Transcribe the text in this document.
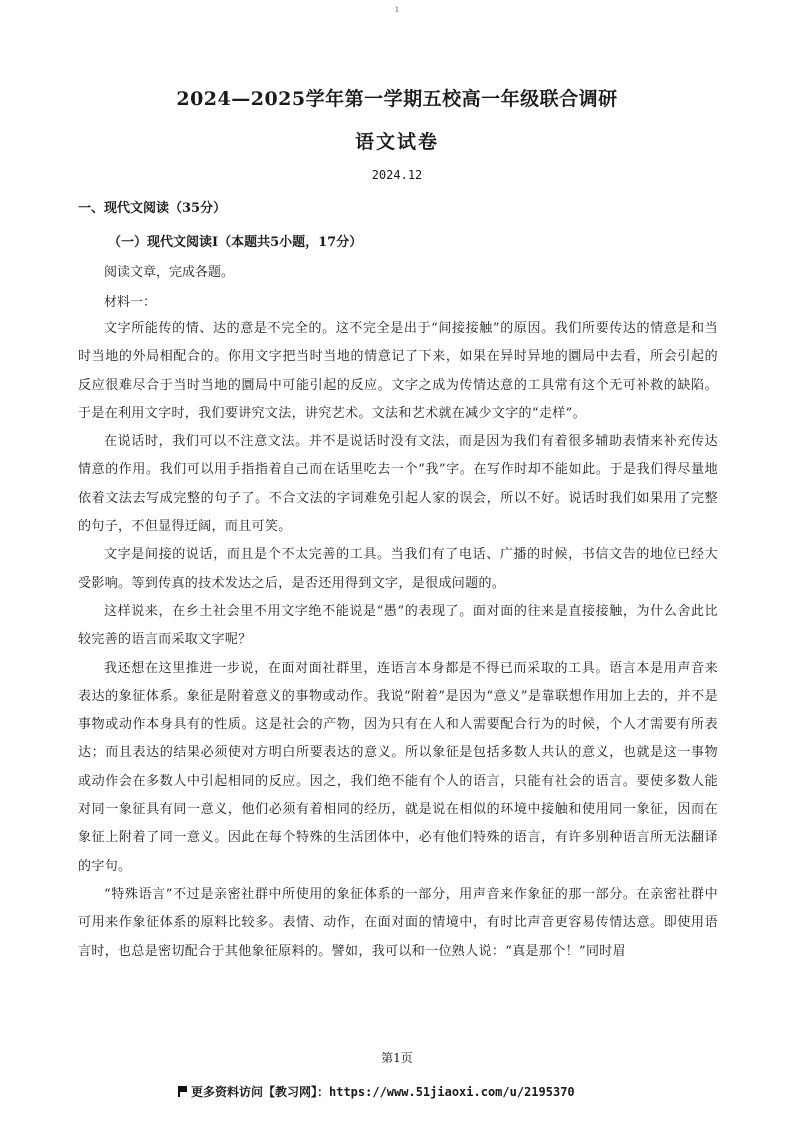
1
2024—2025学年第一学期五校高一年级联合调研
语文试卷
2024.12
一、现代文阅读（35分）
（一）现代文阅读Ⅰ（本题共5小题，17分）
阅读文章，完成各题。
材料一：

文字所能传的情、达的意是不完全的。这不完全是出于“间接接触”的原因。我们所要传达的情意是和当时当地的外局相配合的。你用文字把当时当地的情意记了下来，如果在异时异地的圜局中去看，所会引起的反应很难尽合于当时当地的圜局中可能引起的反应。文字之成为传情达意的工具常有这个无可补救的缺陷。于是在利用文字时，我们要讲究文法，讲究艺术。文法和艺术就在减少文字的“走样”。

在说话时，我们可以不注意文法。并不是说话时没有文法，而是因为我们有着很多辅助表情来补充传达情意的作用。我们可以用手指指着自己而在话里吃去一个“我”字。在写作时却不能如此。于是我们得尽量地依着文法去写成完整的句子了。不合文法的字词难免引起人家的误会，所以不好。说话时我们如果用了完整的句子，不但显得迂阔，而且可笑。

文字是间接的说话，而且是个不太完善的工具。当我们有了电话、广播的时候，书信文告的地位已经大受影响。等到传真的技术发达之后，是否还用得到文字，是很成问题的。

这样说来，在乡土社会里不用文字绝不能说是“愚”的表现了。面对面的往来是直接接触，为什么舍此比较完善的语言而采取文字呢？

我还想在这里推进一步说，在面对面社群里，连语言本身都是不得已而采取的工具。语言本是用声音来表达的象征体系。象征是附着意义的事物或动作。我说“附着”是因为“意义”是靠联想作用加上去的，并不是事物或动作本身具有的性质。这是社会的产物，因为只有在人和人需要配合行为的时候，个人才需要有所表达；而且表达的结果必须使对方明白所要表达的意义。所以象征是包括多数人共认的意义，也就是这一事物或动作会在多数人中引起相同的反应。因之，我们绝不能有个人的语言，只能有社会的语言。要使多数人能对同一象征具有同一意义，他们必须有着相同的经历，就是说在相似的环境中接触和使用同一象征，因而在象征上附着了同一意义。因此在每个特殊的生活团体中，必有他们特殊的语言，有许多别种语言所无法翻译的字句。

“特殊语言”不过是亲密社群中所使用的象征体系的一部分，用声音来作象征的那一部分。在亲密社群中可用来作象征体系的原料比较多。表情、动作，在面对面的情境中，有时比声音更容易传情达意。即使用语言时，也总是密切配合于其他象征原料的。譬如，我可以和一位熟人说：“真是那个！”同时眉

第1页
更多资料访问【教习网】：https://www.51jiaoxi.com/u/2195370
